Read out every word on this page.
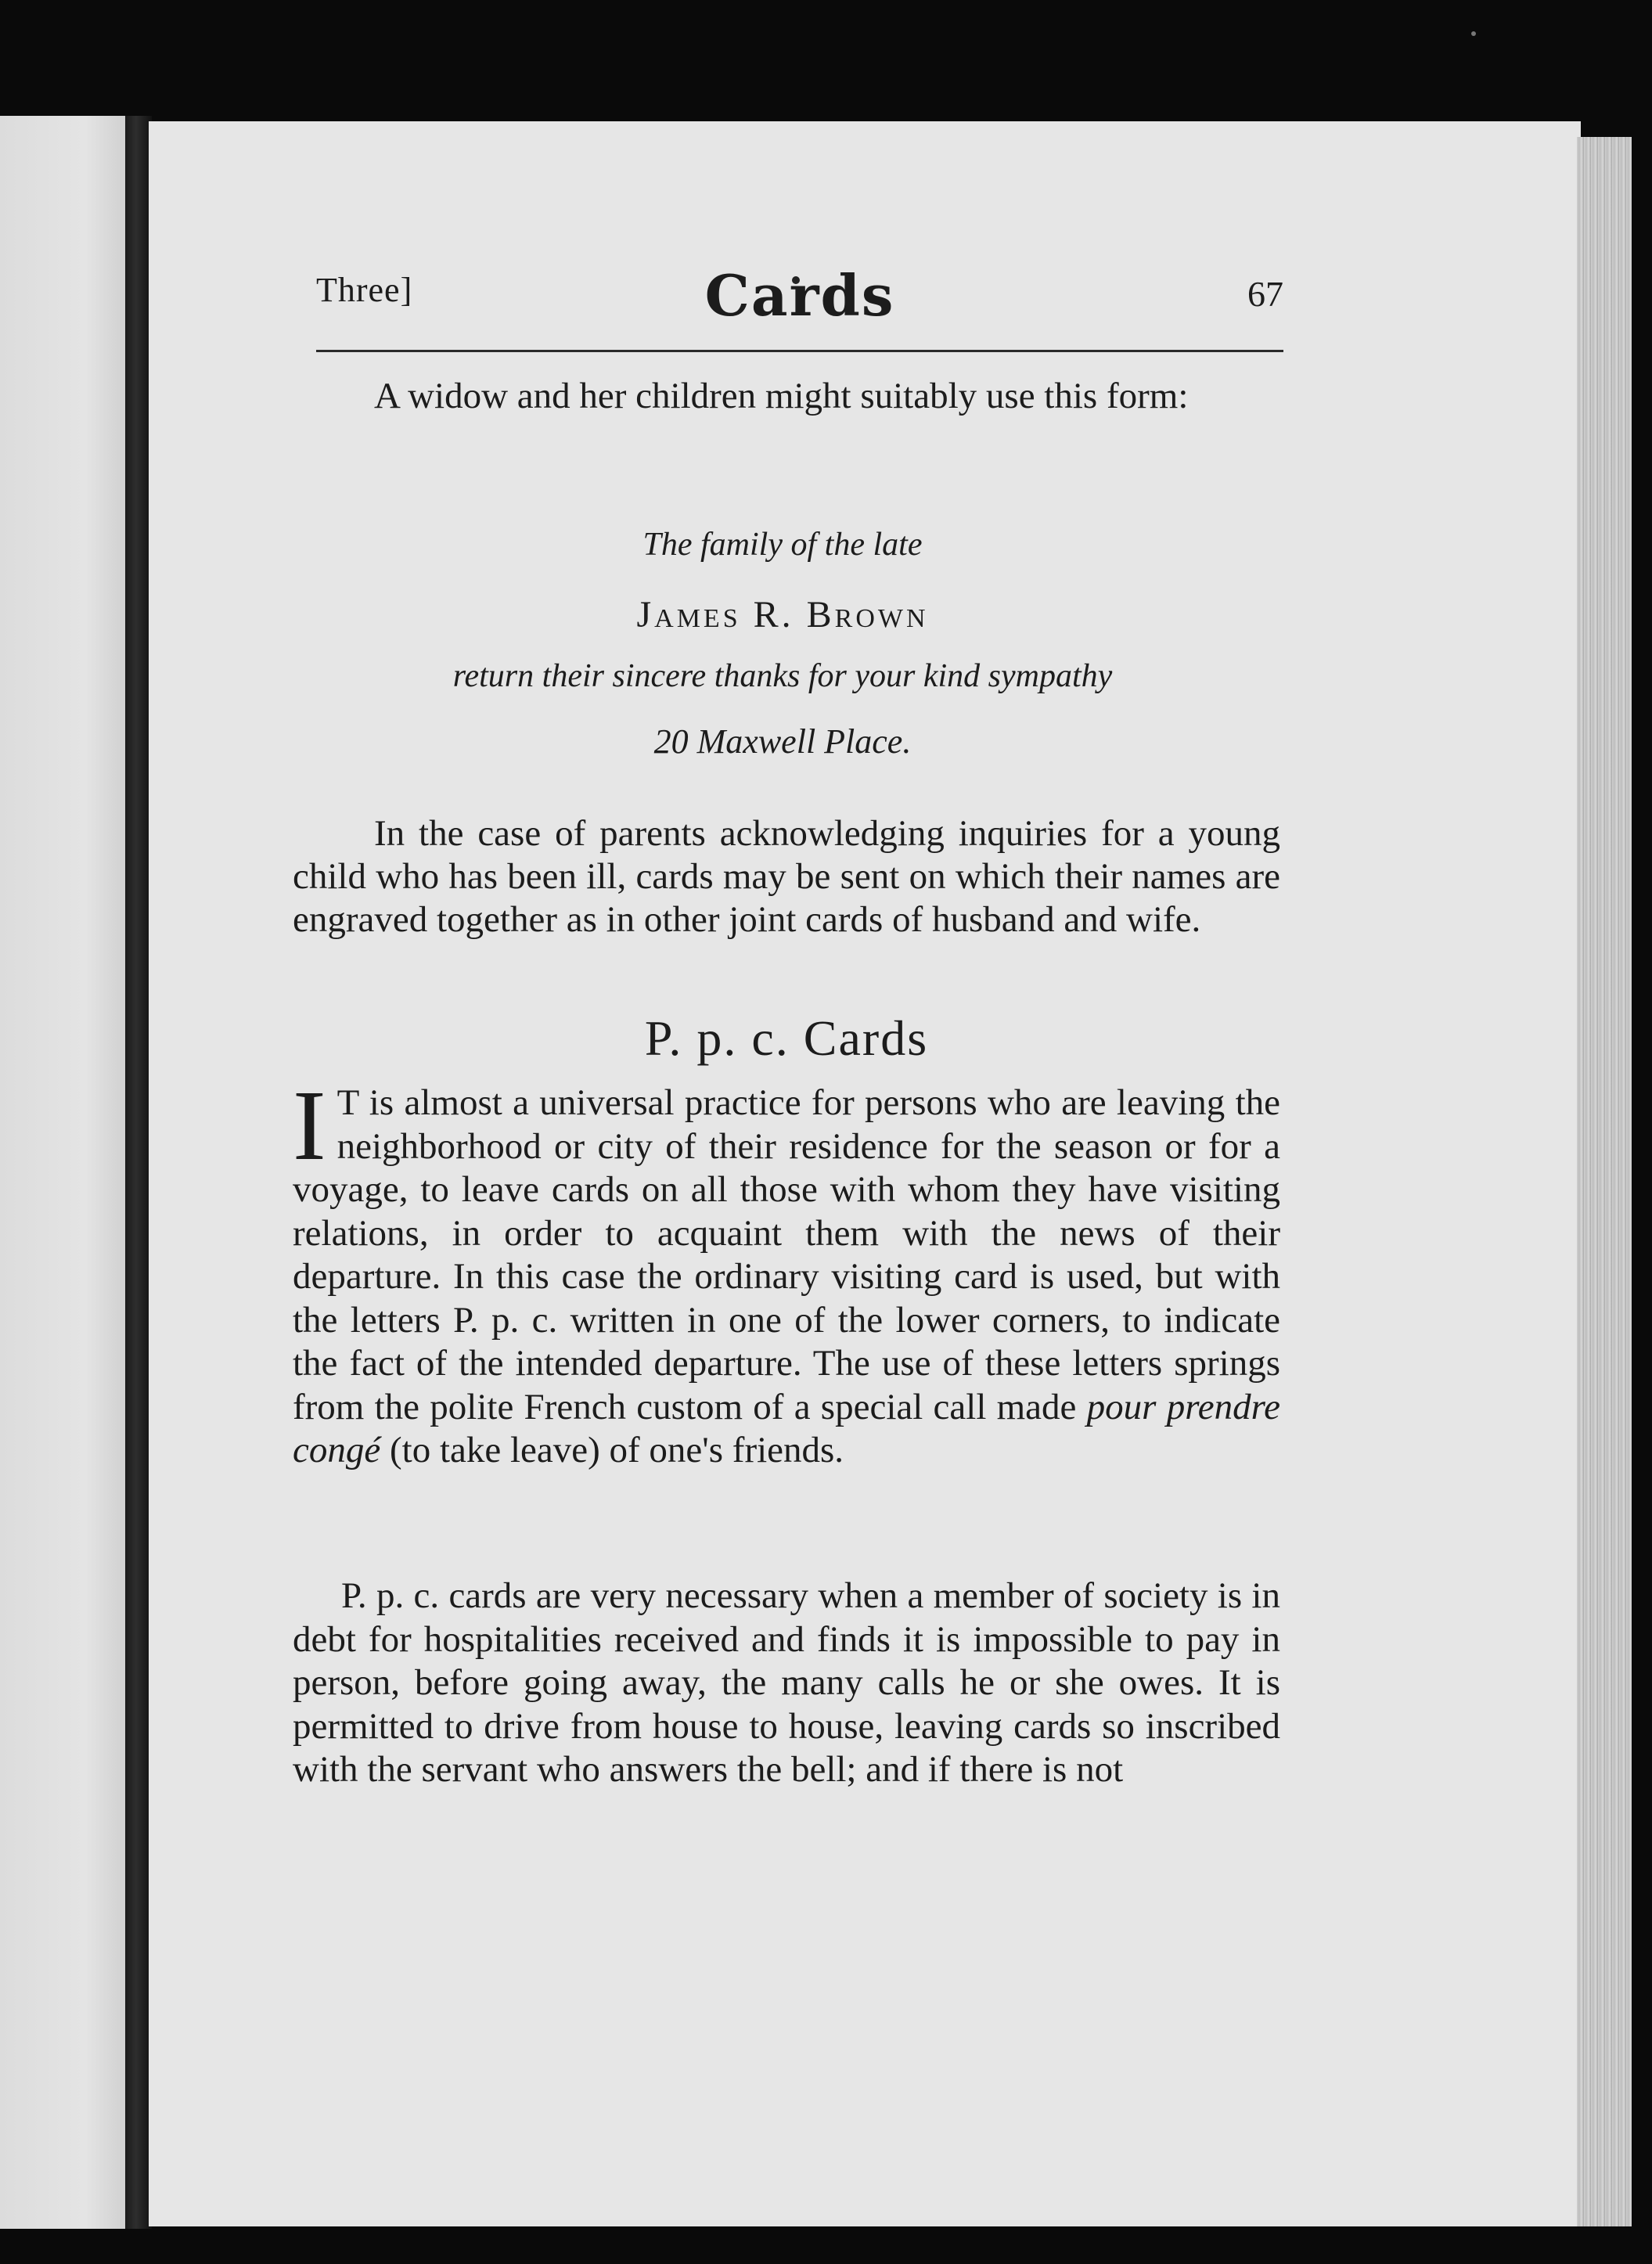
Three]	Cards	67

A widow and her children might suitably use this form:

The family of the late
James R. Brown
return their sincere thanks for your kind sympathy
20 Maxwell Place.

In the case of parents acknowledging inquiries for a young child who has been ill, cards may be sent on which their names are engraved together as in other joint cards of husband and wife.

P. p. c. Cards

I T is almost a universal practice for persons who are leaving the neighborhood or city of their residence for the season or for a voyage, to leave cards on all those with whom they have visiting relations, in order to acquaint them with the news of their departure. In this case the ordinary visiting card is used, but with the letters P. p. c. written in one of the lower corners, to indicate the fact of the intended departure. The use of these letters springs from the polite French custom of a special call made pour prendre congé (to take leave) of one's friends.

P. p. c. cards are very necessary when a member of society is in debt for hospitalities received and finds it is impossible to pay in person, before going away, the many calls he or she owes. It is permitted to drive from house to house, leaving cards so inscribed with the servant who answers the bell; and if there is not
